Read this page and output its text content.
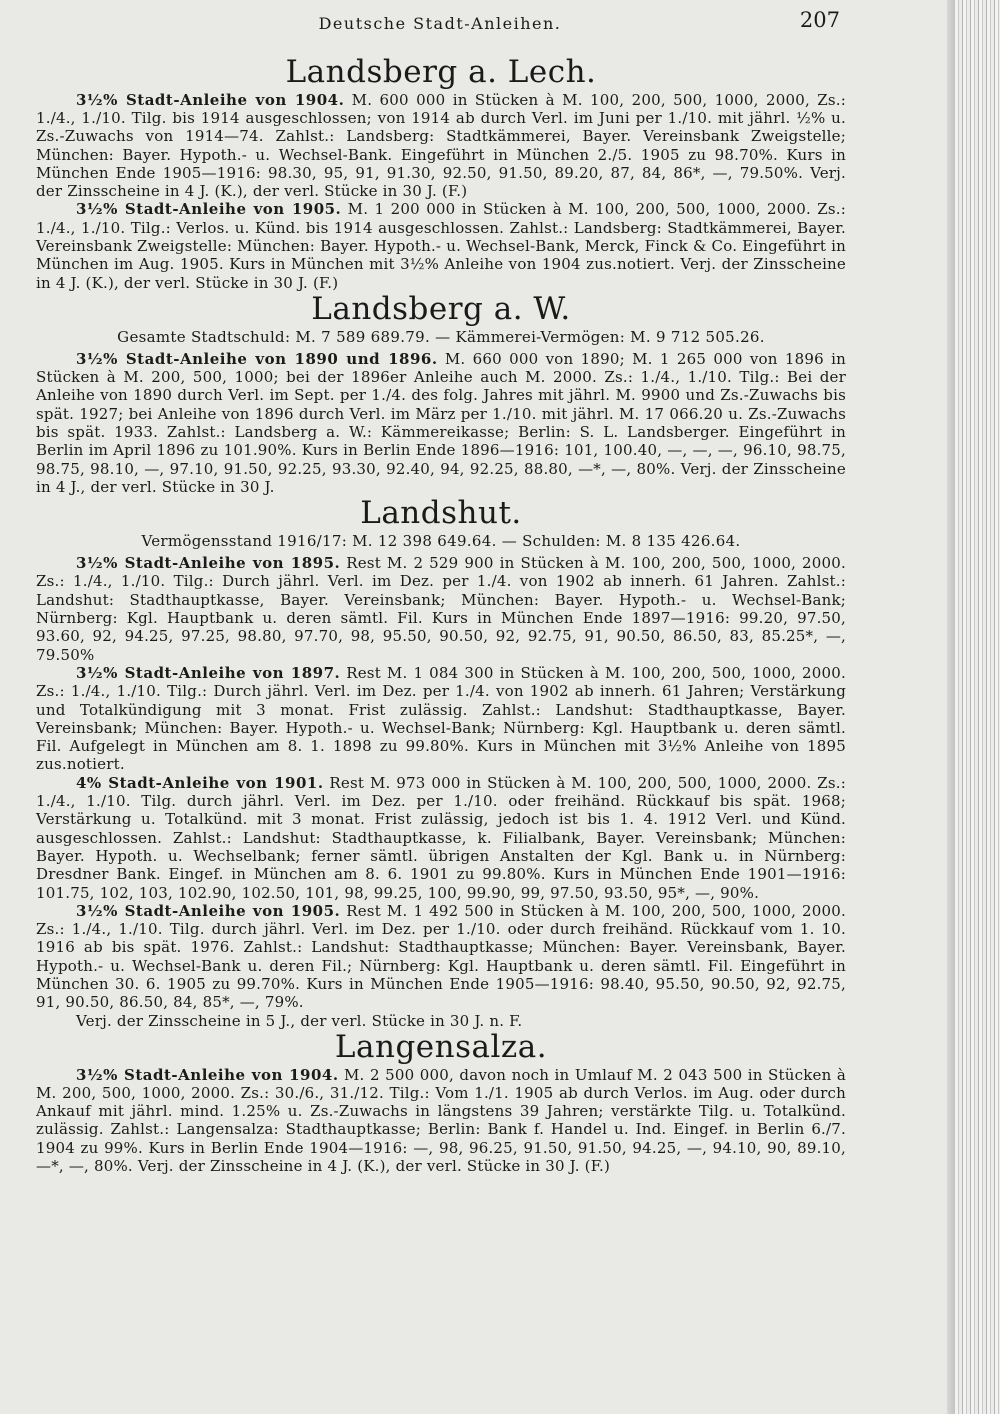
Deutsche Stadt-Anleihen.	207
Landsberg a. Lech.

3½% Stadt-Anleihe von 1904. M. 600 000 in Stücken à M. 100, 200, 500, 1000, 2000, Zs.: 1./4., 1./10. Tilg. bis 1914 ausgeschlossen; von 1914 ab durch Verl. im Juni per 1./10. mit jährl. ½% u. Zs.-Zuwachs von 1914—74. Zahlst.: Landsberg: Stadtkämmerei, Bayer. Vereinsbank Zweigstelle; München: Bayer. Hypoth.- u. Wechsel-Bank. Eingeführt in München 2./5. 1905 zu 98.70%. Kurs in München Ende 1905—1916: 98.30, 95, 91, 91.30, 92.50, 91.50, 89.20, 87, 84, 86*, —, 79.50%. Verj. der Zinsscheine in 4 J. (K.), der verl. Stücke in 30 J. (F.)

3½% Stadt-Anleihe von 1905. M. 1 200 000 in Stücken à M. 100, 200, 500, 1000, 2000. Zs.: 1./4., 1./10. Tilg.: Verlos. u. Künd. bis 1914 ausgeschlossen. Zahlst.: Landsberg: Stadtkämmerei, Bayer. Vereinsbank Zweigstelle: München: Bayer. Hypoth.- u. Wechsel-Bank, Merck, Finck & Co. Eingeführt in München im Aug. 1905. Kurs in München mit 3½% Anleihe von 1904 zus.notiert. Verj. der Zinsscheine in 4 J. (K.), der verl. Stücke in 30 J. (F.)

Landsberg a. W.

Gesamte Stadtschuld: M. 7 589 689.79. — Kämmerei-Vermögen: M. 9 712 505.26.

3½% Stadt-Anleihe von 1890 und 1896. M. 660 000 von 1890; M. 1 265 000 von 1896 in Stücken à M. 200, 500, 1000; bei der 1896er Anleihe auch M. 2000. Zs.: 1./4., 1./10. Tilg.: Bei der Anleihe von 1890 durch Verl. im Sept. per 1./4. des folg. Jahres mit jährl. M. 9900 und Zs.-Zuwachs bis spät. 1927; bei Anleihe von 1896 durch Verl. im März per 1./10. mit jährl. M. 17 066.20 u. Zs.-Zuwachs bis spät. 1933. Zahlst.: Landsberg a. W.: Kämmereikasse; Berlin: S. L. Landsberger. Eingeführt in Berlin im April 1896 zu 101.90%. Kurs in Berlin Ende 1896—1916: 101, 100.40, —, —, —, 96.10, 98.75, 98.75, 98.10, —, 97.10, 91.50, 92.25, 93.30, 92.40, 94, 92.25, 88.80, —*, —, 80%. Verj. der Zinsscheine in 4 J., der verl. Stücke in 30 J.

Landshut.

Vermögensstand 1916/17: M. 12 398 649.64. — Schulden: M. 8 135 426.64.

3½% Stadt-Anleihe von 1895. Rest M. 2 529 900 in Stücken à M. 100, 200, 500, 1000, 2000. Zs.: 1./4., 1./10. Tilg.: Durch jährl. Verl. im Dez. per 1./4. von 1902 ab innerh. 61 Jahren. Zahlst.: Landshut: Stadthauptkasse, Bayer. Vereinsbank; München: Bayer. Hypoth.- u. Wechsel-Bank; Nürnberg: Kgl. Hauptbank u. deren sämtl. Fil. Kurs in München Ende 1897—1916: 99.20, 97.50, 93.60, 92, 94.25, 97.25, 98.80, 97.70, 98, 95.50, 90.50, 92, 92.75, 91, 90.50, 86.50, 83, 85.25*, —, 79.50%

3½% Stadt-Anleihe von 1897. Rest M. 1 084 300 in Stücken à M. 100, 200, 500, 1000, 2000. Zs.: 1./4., 1./10. Tilg.: Durch jährl. Verl. im Dez. per 1./4. von 1902 ab innerh. 61 Jahren; Verstärkung und Totalkündigung mit 3 monat. Frist zulässig. Zahlst.: Landshut: Stadthauptkasse, Bayer. Vereinsbank; München: Bayer. Hypoth.- u. Wechsel-Bank; Nürnberg: Kgl. Hauptbank u. deren sämtl. Fil. Aufgelegt in München am 8. 1. 1898 zu 99.80%. Kurs in München mit 3½% Anleihe von 1895 zus.notiert.

4% Stadt-Anleihe von 1901. Rest M. 973 000 in Stücken à M. 100, 200, 500, 1000, 2000. Zs.: 1./4., 1./10. Tilg. durch jährl. Verl. im Dez. per 1./10. oder freihänd. Rückkauf bis spät. 1968; Verstärkung u. Totalkünd. mit 3 monat. Frist zulässig, jedoch ist bis 1. 4. 1912 Verl. und Künd. ausgeschlossen. Zahlst.: Landshut: Stadthauptkasse, k. Filialbank, Bayer. Vereinsbank; München: Bayer. Hypoth. u. Wechselbank; ferner sämtl. übrigen Anstalten der Kgl. Bank u. in Nürnberg: Dresdner Bank. Eingef. in München am 8. 6. 1901 zu 99.80%. Kurs in München Ende 1901—1916: 101.75, 102, 103, 102.90, 102.50, 101, 98, 99.25, 100, 99.90, 99, 97.50, 93.50, 95*, —, 90%.

3½% Stadt-Anleihe von 1905. Rest M. 1 492 500 in Stücken à M. 100, 200, 500, 1000, 2000. Zs.: 1./4., 1./10. Tilg. durch jährl. Verl. im Dez. per 1./10. oder durch freihänd. Rückkauf vom 1. 10. 1916 ab bis spät. 1976. Zahlst.: Landshut: Stadthauptkasse; München: Bayer. Vereinsbank, Bayer. Hypoth.- u. Wechsel-Bank u. deren Fil.; Nürnberg: Kgl. Hauptbank u. deren sämtl. Fil. Eingeführt in München 30. 6. 1905 zu 99.70%. Kurs in München Ende 1905—1916: 98.40, 95.50, 90.50, 92, 92.75, 91, 90.50, 86.50, 84, 85*, —, 79%.

Verj. der Zinsscheine in 5 J., der verl. Stücke in 30 J. n. F.

Langensalza.

3½% Stadt-Anleihe von 1904. M. 2 500 000, davon noch in Umlauf M. 2 043 500 in Stücken à M. 200, 500, 1000, 2000. Zs.: 30./6., 31./12. Tilg.: Vom 1./1. 1905 ab durch Verlos. im Aug. oder durch Ankauf mit jährl. mind. 1.25% u. Zs.-Zuwachs in längstens 39 Jahren; verstärkte Tilg. u. Totalkünd. zulässig. Zahlst.: Langensalza: Stadthauptkasse; Berlin: Bank f. Handel u. Ind. Eingef. in Berlin 6./7. 1904 zu 99%. Kurs in Berlin Ende 1904—1916: —, 98, 96.25, 91.50, 91.50, 94.25, —, 94.10, 90, 89.10, —*, —, 80%. Verj. der Zinsscheine in 4 J. (K.), der verl. Stücke in 30 J. (F.)
